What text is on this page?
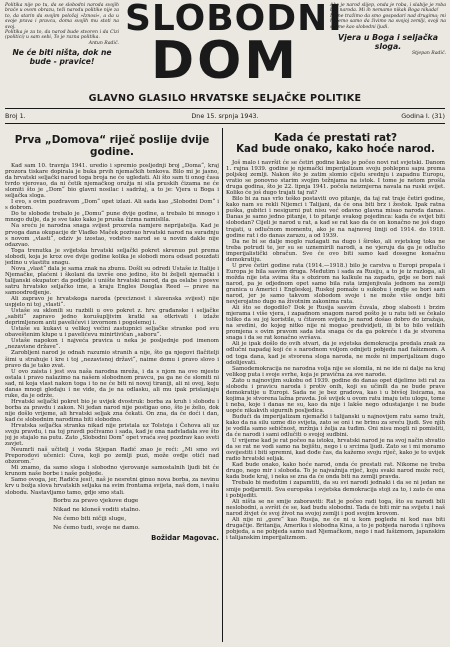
Politika nije po tu, da se slobodni naroda svojih braće u ovom obrazu, teži narodu politike nije za to, da starin da svojim položaj »Iznosi«, a da u svoje prava i pravcu, doma svojih mu stoti na svoj.
Politika je za to, da narod bude stvoren i da Cizi (politici) u sam sebi, To je razna politika.
Antun Radić.
Ne će biti ništa, dok ne bude - pravice!
SLOBODNI
DOM
Ako je narod slijep, onda je roba, i slabije je roba bez naroda. Mi ih nemamo nikak Boga nikada!
Mi ne tražimo da smo gospodari nad drugima; mi hoćemo samo da živimo na svojoj zemlji, svoji na svome kao slobodni ljudi.
Vjera u Boga i seljačka sloga.
Stjepan Radić.
GLAVNO GLASILO HRVATSKE SELJAČKE POLITIKE
Broj 1.	Dne 15. srpnja 1943.	Godina I. (31)
Prva „Domova“ riječ poslije dvije godine.
Kad sam 10. travnja 1941. uredio i spremio posljednji broj „Doma“, kraj prozora tiskare dopirala je buka prvih njemačkih tenkova. Bilo mi je jasno, da hrvatski seljački narod toga broja ne će ugledati. Ali što sam ti onog časa tvrdo vjerovao, da ni četik njemačkog oružja ni sila pruskih čizama ne će slomiti što je „Dom“ bio glavni nosilac i sadržaj, a to je: Vjera u Boga i seljačka sloga.
I evo, s ovim pozdravom „Dom“ opet izlazi. Ali sada kao „Slobodni Dom“ i s dobrom.
Do te slobode trebalo je „Domu“ pune dvije godine, a trebalo bi mnogo i mnogo dulje, da je sve tako kako je pruska čizma namislila.
Na sreću je narodna snaga svijest prozrela namjere neprijatelja. Kad je prvoga dana okupacije dr Vladko Maček pozivao hrvatski narod na suradnju s novom „vlasti“, odziv je izostao, vodstvo narod se u novim dakle nije odazvao.
Toga trenutka je svijetska hrvatski seljački pokret skrenuo put prema slobodi, koja je kroz ove dvije godine kolika je slobodi mora odsad pouzdati jedino u vlastitu snagu.
Nova „vlast“ dala je sama znak na zbunu. Došli su odredi Ustaše iz Italije i Njemačke, plaćeni i školani da izvrše ono jedino, što bi željeli njemački i talijanski okupator: da podijele i unište hrvatski narod, da ga oslabe i posve satru hrvatsko seljačko ime, a kraju Engles Douglas Reed — prave na samoodredjenje.
Ali zapravo je hrvatskoga naroda (preciznost i slavenska svijest) nije uspjelo ni toj „vlasti“.
Ustaše su sklonili su razbili u ovo pokret z. hrv. građanske i seljačke „sabiti“ zapravo jedno korušupljivim kratki sa otkrivati i izlaže deprimljenom anti pavelićevi i izvornom i pogolemoj i.
Ustaše su kukavi u velikoj većini zastupnici seljačke stranke pod svu obaveštenim klupe u i pavelićevu minirtivičan „saboru“.
Ustaše napokon i najveća pravica u neka je posljednje pod imenom „nezavisne države“.
Zarobljeni narod je odnah razumio stranih a nije, što ga njegovi flačitelji šimi u strahuje i kre i toj „nezavisnoj državi“, naime domu i pravo slovo i pravo da je tako zvat.
U ovo zaista i jest sva naša narodna mreža, i da s njom na ovo mjesto ostala i pravo nalazimo na našem slobodnom pravcu, pa ga ne će slomiti ni sad, ni koja vlast nakon toga i to ne će biti ni novoj tiraniji, ali ni ovoj, koju danas mnogi gledaju i ne vide, da je na odlasku, ali mu ipak prislanjaju ruke, da je održe.
Hrvatski seljački pokret bio je uvijek dvostruk: borba za kruh i slobodu i borba za pravdu i zakon. Ni jedan narod nije postigao ono, što je želio, dok nije došlo vrijeme, ali hrvatski seljak zna čekati. On zna, da će doći i dan, kad će slobodnim narodima biti slobodno.
Hrvatska seljačka stranka nikad nije pristala uz Tolstoja i Čehova ali uz svoju pravdu, i na toj pravdi počivamo i sada, kad je ona nadvladala sve što joj je stajalo na putu. Zato „Slobodni Dom“ opet vraća svoj pozdrav kao sveti zavjet.
Neumrli naš učitelj i voda Stjepan Radić znao je reći: „Mi smo svi Preporodovi učenici: Čuva, koji po zemlji puzi, može ovdje otići nad obzorom.“
Mi znamo, da samo sloga i slobodno vjerovanje samostalnih ljudi bit će krunom naše borbe i naše pobjede.
Samo ovoga, jer, Radiću jesi!, naš je nesretni ginuo nova borba, za nevinu krv u božja slova hrvatskih seljaka na svim frontama svijeta, naš dom, i našu slobodu. Nastavljamo tamo, gdje smo stali.
Borbu za pravo vjekove duge
Nikad ne kloneš voditi stalno.
Ne ćemo biti ničiji sluge,
Ne ćemo tudi, svoje ne damo.
Božidar Magovac.
Kada će prestati rat?
Kad bude onako, kako hoće narod.
Još malo i navršit će se četiri godine kako je počeo novi rat svjetski. Danom 1. rujna 1939. godine je njemački imperijalizam svoju pohlepnu sapu prema poljskoj zemlji. Nakon što je zatim slomio cijelu srednju i zapadnu Europu, vratio se ponovno starim svojim težnjama na istok. I tome je netom prošla druga godina, što je 22. lipnja 1941. počela neizmjerna navala na ruski svijet. Koliko će još dugo trajati taj rat?
Bilo bi za nas vrlo teško postaviti ovo pitanje, da taj rat traje četiri godine, kako nam su rekli Nijemci i Talijani, da će ona biti brz i žestok. Ipak ratna puška, gubitci i nesigurni put nisu već odavno glavna misao naroda danas. Danas je samo jedno pitanje, i to pitanje svakog pojedinca: kada će svijet biti slobodan? Cijeli je narod u rat, a kad se rat kao da će on konačno ne još dugo trajati, u odlučnom momentu, ako je na najnovoj liniji od 1914. do 1918. godine rat i do danas zarazu, a od 1939.
Da ne bi se dalje moglo razlagati na dugo i široko, ali svjetskog toka ne treba potrudi te, jer su se uznemirili narodi, a ne vjeruju da ga je odlučio imperijalistički obračun. Sve će ovo biti samo kad dosegne konačnu demokratiju.
U prve četiri godine rata (1914.—1918.) bilo je carstva u Europi propala i Europa je bila sasvim druga. Međutim i sada za Rusiju, a to je iz razloga, ali možda nije ista svima šta s obzirom na kalkule na zapadu, gdje se bori naš narod, pa je odjednom opet samo bila rata izmjenjivala jednom na zemlji granica u Americi i Engleskoj, Ruskoj pomaže u sukobu i ondje se bori sam narod, jer je samo takvom slobodom svoje i ne može više ondje biti nevjerojatno dugo na životnim zakonima rata.
Ali što se dogodilo? Dok je Rusija sasvim čuvala, zbog slabosti i brzim mjerama i više vjera, i zapadnom snagom narod pošto je u ratu isti se čekalo toliko da su joj koristile, u čitavom svijetu je narod došao dobro do izražaja, na sredini, do kojeg nitko nije ni mogao predvidjeti, ili bi to bilo velikih promjena s ovim pravom sada ista snaga će da ga pokreće i da je stvorena snaga i da se rat konačno svršava.
Ali je ipak došlo do ovih stvari, da je svjetska demokracija predala znak za odlučni napadaj koji će s narodnom voljom odnijeti pobjedu nad fašizmom. A od toga dana, kad je stvorena sloga naroda, ne može ni imperijalizam dugo odolijevati.
Samodemokracija ne narodna volja nije se slomila, ni ne ide ni dalje na kraj velikog puta i svoje svrhe, koja je pravična za sve narode.
Zato u najnovijim sukobu od 1939. godine do danas opet dijelimo isti rat za slobodu i pravicu naroda i protiv onih, koji su učinili da ne bude prave demokratije u Europi. Sada ne je bez gradova, kao i u bivšoj lisicama, na kojima je stvorena lažna pravda. Još uvijek u ovom ratu imaju istu ulogu, tome i neba, koje i danas ne su, kao da nije i lakše nego odustajanje i ne bude uopće nikakvih sigurnih posljedica.
Budući da imperijalizam njemački i talijanski u najnovijem ratu samo traži, kako da na silu uzme dio svijeta, zato se oni i ne brinu za sreću ljudi. Sve njih je vodila samo sebičnost, mržnja i želja za tuđim. Oni nisu mogli ni pomisliti, da će narodi i sami odlučiti o svojoj sudbini.
U vrijeme kad je rat počeo na istoku, hrvatski narod je na svoj način shvatio da se rat ne vodi samo na bojištu, nego i u srcima ljudi. Zato se i mi moramo osvijestiti i biti spremni, kad dođe čas, da kažemo svoju riječ, kako je to uvijek radio hrvatski seljak.
Kad bude onako, kako hoće narod, onda će prestati rat. Nikome ne treba drugo, nego mir i sloboda. To je najvažnija riječ, koju svaki narod može reći, kada bude kraj, i neka se zna da će onda biti na zemlji pravda.
Trebalo bi međutim i zapamtiti, da su svi narodi jednaki i da se ni jedan ne smije podjarmiti. Sva europska i svjetska demokracija stoji za to, i zato će ona i pobijediti.
Ali ništa se ne smije zaboraviti: Rat je počeo radi toga, što su narodi bili neslobodni, a svršit će se, kad budu slobodni. Tada će biti mir na svijetu i naš narod živjet će svoj život na svojoj zemlji i pod svojim krovom.
Ali nije ni „gore“ kao Rusija, ne će ni u kom pogledu ni kod nas biti drugačije. Britanija, Amerika i slobodna Kina, a to je pobjeda naroda i njihova pobjeda, a ne pobjeda samo nad Njemačkom, nego i nad fašizmom, japanskim i talijanskim imperijalizmom.
